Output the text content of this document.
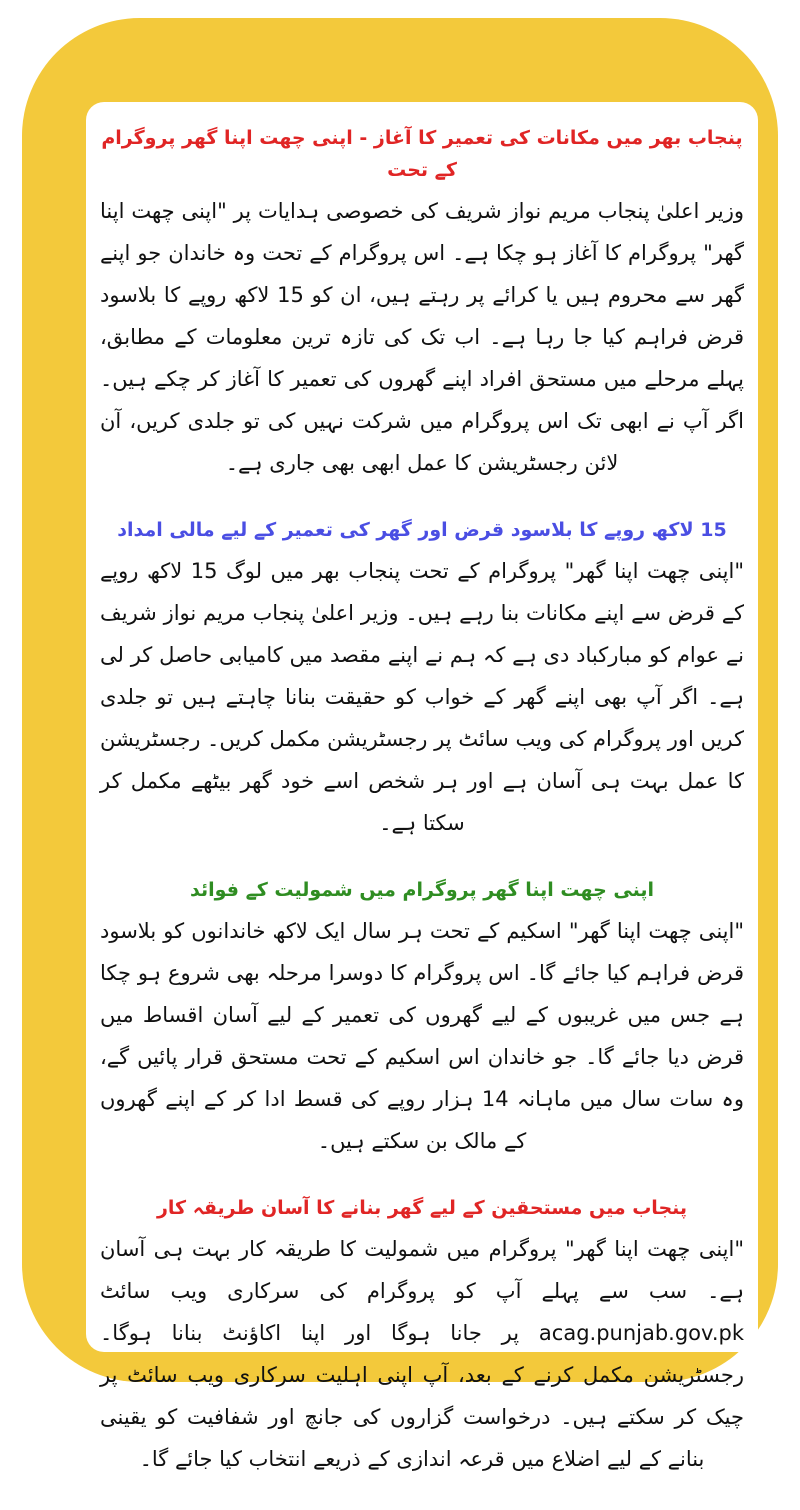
پنجاب بھر میں مکانات کی تعمیر کا آغاز - اپنی چھت اپنا گھر پروگرام کے تحت

وزیر اعلیٰ پنجاب مریم نواز شریف کی خصوصی ہدایات پر "اپنی چھت اپنا گھر" پروگرام کا آغاز ہو چکا ہے۔ اس پروگرام کے تحت وہ خاندان جو اپنے گھر سے محروم ہیں یا کرائے پر رہتے ہیں، ان کو 15 لاکھ روپے کا بلاسود قرض فراہم کیا جا رہا ہے۔ اب تک کی تازہ ترین معلومات کے مطابق، پہلے مرحلے میں مستحق افراد اپنے گھروں کی تعمیر کا آغاز کر چکے ہیں۔ اگر آپ نے ابھی تک اس پروگرام میں شرکت نہیں کی تو جلدی کریں، آن لائن رجسٹریشن کا عمل ابھی بھی جاری ہے۔

15 لاکھ روپے کا بلاسود قرض اور گھر کی تعمیر کے لیے مالی امداد

"اپنی چھت اپنا گھر" پروگرام کے تحت پنجاب بھر میں لوگ 15 لاکھ روپے کے قرض سے اپنے مکانات بنا رہے ہیں۔ وزیر اعلیٰ پنجاب مریم نواز شریف نے عوام کو مبارکباد دی ہے کہ ہم نے اپنے مقصد میں کامیابی حاصل کر لی ہے۔ اگر آپ بھی اپنے گھر کے خواب کو حقیقت بنانا چاہتے ہیں تو جلدی کریں اور پروگرام کی ویب سائٹ پر رجسٹریشن مکمل کریں۔ رجسٹریشن کا عمل بہت ہی آسان ہے اور ہر شخص اسے خود گھر بیٹھے مکمل کر سکتا ہے۔

اپنی چھت اپنا گھر پروگرام میں شمولیت کے فوائد

"اپنی چھت اپنا گھر" اسکیم کے تحت ہر سال ایک لاکھ خاندانوں کو بلاسود قرض فراہم کیا جائے گا۔ اس پروگرام کا دوسرا مرحلہ بھی شروع ہو چکا ہے جس میں غریبوں کے لیے گھروں کی تعمیر کے لیے آسان اقساط میں قرض دیا جائے گا۔ جو خاندان اس اسکیم کے تحت مستحق قرار پائیں گے، وہ سات سال میں ماہانہ 14 ہزار روپے کی قسط ادا کر کے اپنے گھروں کے مالک بن سکتے ہیں۔

پنجاب میں مستحقین کے لیے گھر بنانے کا آسان طریقہ کار

"اپنی چھت اپنا گھر" پروگرام میں شمولیت کا طریقہ کار بہت ہی آسان ہے۔ سب سے پہلے آپ کو پروگرام کی سرکاری ویب سائٹ acag.punjab.gov.pk پر جانا ہوگا اور اپنا اکاؤنٹ بنانا ہوگا۔ رجسٹریشن مکمل کرنے کے بعد، آپ اپنی اہلیت سرکاری ویب سائٹ پر چیک کر سکتے ہیں۔ درخواست گزاروں کی جانچ اور شفافیت کو یقینی بنانے کے لیے اضلاع میں قرعہ اندازی کے ذریعے انتخاب کیا جائے گا۔
